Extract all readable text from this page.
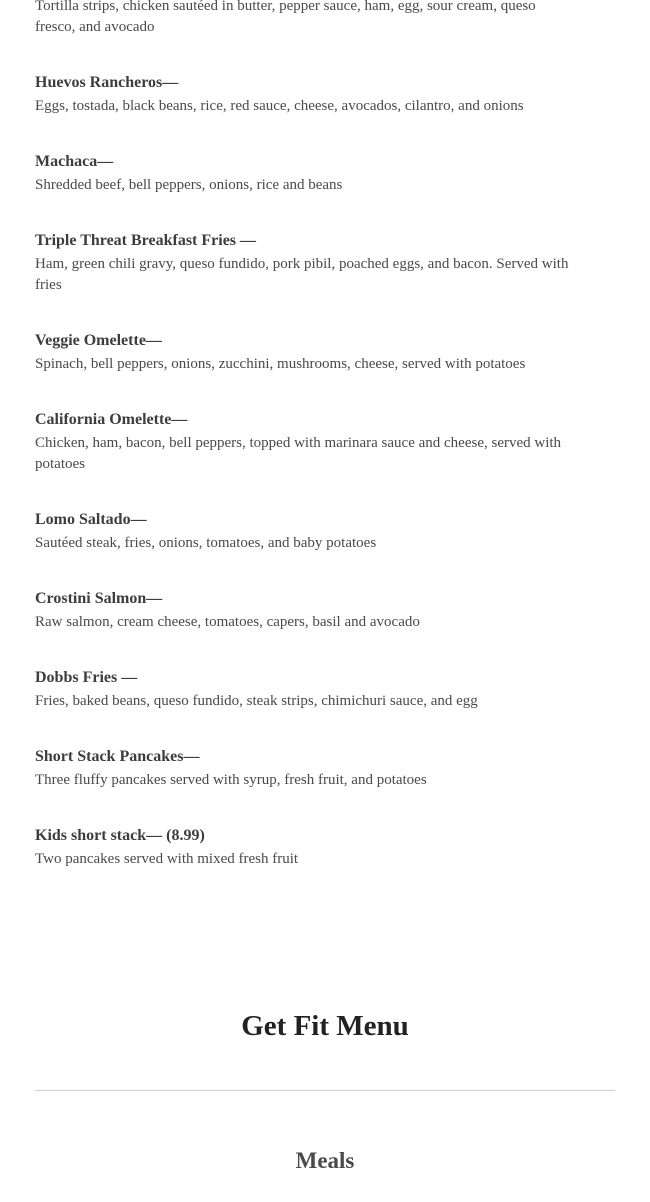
Tortilla strips, chicken sautéed in butter, pepper sauce, ham, egg, sour cream, queso fresco, and avocado

Huevos Rancheros—

Eggs, tostada, black beans, rice, red sauce, cheese, avocados, cilantro, and onions

Machaca—

Shredded beef, bell peppers, onions, rice and beans

Triple Threat Breakfast Fries —

Ham, green chili gravy, queso fundido, pork pibil, poached eggs, and bacon. Served with fries

Veggie Omelette—

Spinach, bell peppers, onions, zucchini, mushrooms, cheese, served with potatoes

California Omelette—

Chicken, ham, bacon, bell peppers, topped with marinara sauce and cheese, served with potatoes

Lomo Saltado—

Sautéed steak, fries, onions, tomatoes, and baby potatoes

Crostini Salmon—

Raw salmon, cream cheese, tomatoes, capers, basil and avocado

Dobbs Fries —

Fries, baked beans, queso fundido, steak strips, chimichuri sauce, and egg

Short Stack Pancakes—

Three fluffy pancakes served with syrup, fresh fruit, and potatoes

Kids short stack— (8.99)

Two pancakes served with mixed fresh fruit

Get Fit Menu
Meals
